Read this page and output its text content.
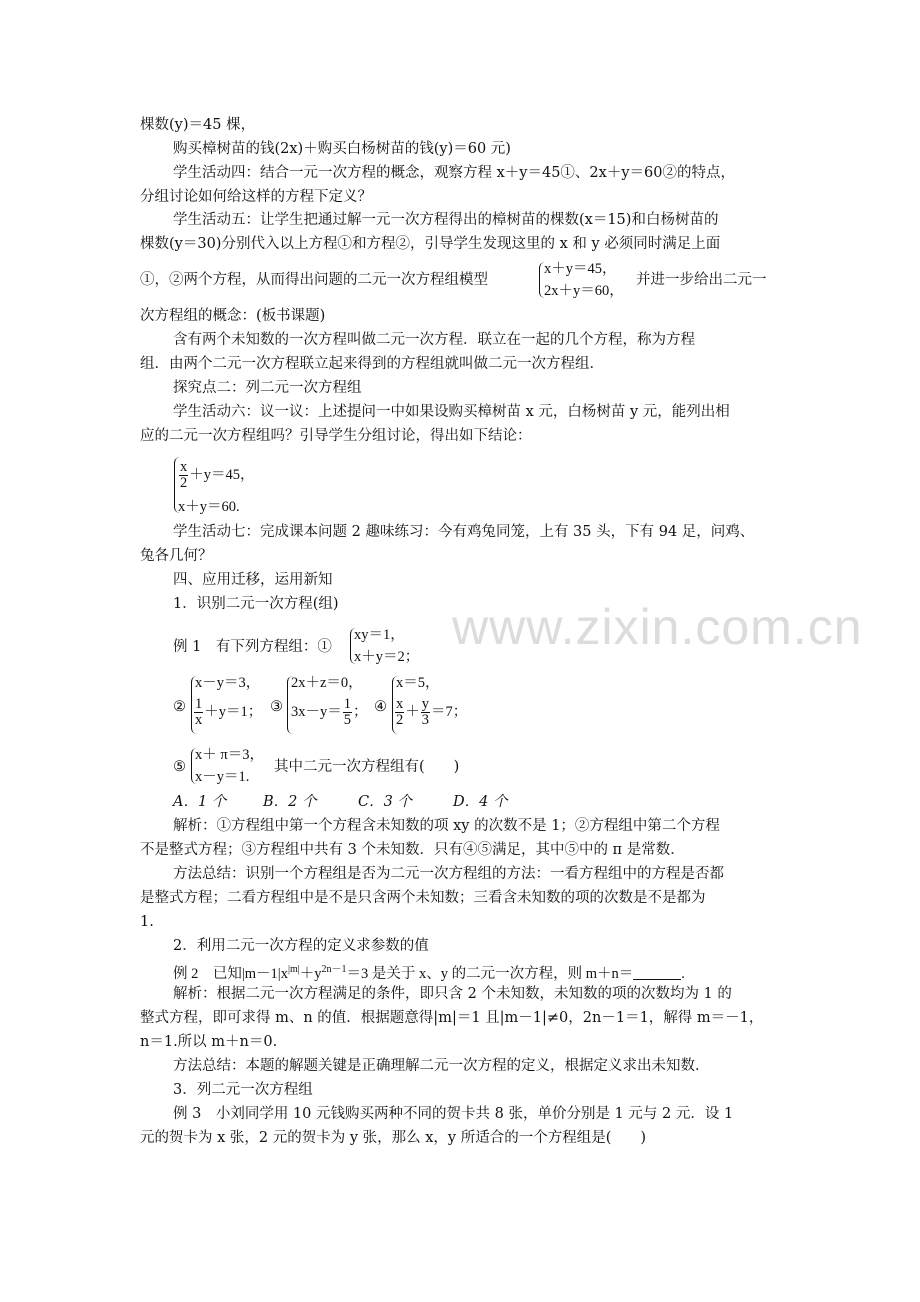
www.zixin.com.cn
棵数(y)＝45 棵，
购买樟树苗的钱(2x)＋购买白杨树苗的钱(y)＝60 元)
学生活动四：结合一元一次方程的概念，观察方程 x＋y＝45①、2x＋y＝60②的特点，
分组讨论如何给这样的方程下定义？
学生活动五：让学生把通过解一元一次方程得出的樟树苗的棵数(x＝15)和白杨树苗的
棵数(y＝30)分别代入以上方程①和方程②，引导学生发现这里的 x 和 y 必须同时满足上面
①，②两个方程，从而得出问题的二元一次方程组模型
x＋y＝45，
2x＋y＝60，
并进一步给出二元一
次方程组的概念：(板书课题)
含有两个未知数的一次方程叫做二元一次方程．联立在一起的几个方程，称为方程
组．由两个二元一次方程联立起来得到的方程组就叫做二元一次方程组．
探究点二：列二元一次方程组
学生活动六：议一议：上述提问一中如果设购买樟树苗 x 元，白杨树苗 y 元，能列出相
应的二元一次方程组吗？引导学生分组讨论，得出如下结论：
$\frac{x}{2} +y=45$，
x＋y＝60.
学生活动七：完成课本问题 2 趣味练习：今有鸡兔同笼，上有 35 头，下有 94 足，问鸡、
兔各几何？
四、应用迁移，运用新知
1．识别二元一次方程(组)
例 1　有下列方程组：①
xy＝1，
x＋y＝2；
②
x－y＝3，
$\frac{1}{x} +y=1$； ③
2x＋z＝0，
$3x-y= \frac{1}{5}$ ； ④
x＝5，
$\frac{x}{2} + \frac{y}{3} =7$；
⑤
x＋ π＝3，
x－y＝1.
其中二元一次方程组有(　　)
A．1 个	B．2 个	C．3 个	D．4 个
解析：①方程组中第一个方程含未知数的项 xy 的次数不是 1；②方程组中第二个方程
不是整式方程；③方程组中共有 3 个未知数．只有④⑤满足，其中⑤中的 π 是常数．
方法总结：识别一个方程组是否为二元一次方程组的方法：一看方程组中的方程是否都
是整式方程；二看方程组中是不是只含两个未知数；三看含未知数的项的次数是不是都为
1.
2．利用二元一次方程的定义求参数的值
例 2　已知$|m-1|x^{|m|}+y^{2n-1}=3$ 是关于 x、y 的二元一次方程，则 m＋n＝	.
解析：根据二元一次方程满足的条件，即只含 2 个未知数，未知数的项的次数均为 1 的
整式方程，即可求得 m、n 的值．根据题意得|m|＝1 且|m－1|≠0，2n－1＝1，解得 m＝－1，
n＝1.所以 m＋n＝0.
方法总结：本题的解题关键是正确理解二元一次方程的定义，根据定义求出未知数．
3．列二元一次方程组
例 3　小刘同学用 10 元钱购买两种不同的贺卡共 8 张，单价分别是 1 元与 2 元．设 1
元的贺卡为 x 张，2 元的贺卡为 y 张，那么 x，y 所适合的一个方程组是(　　)
